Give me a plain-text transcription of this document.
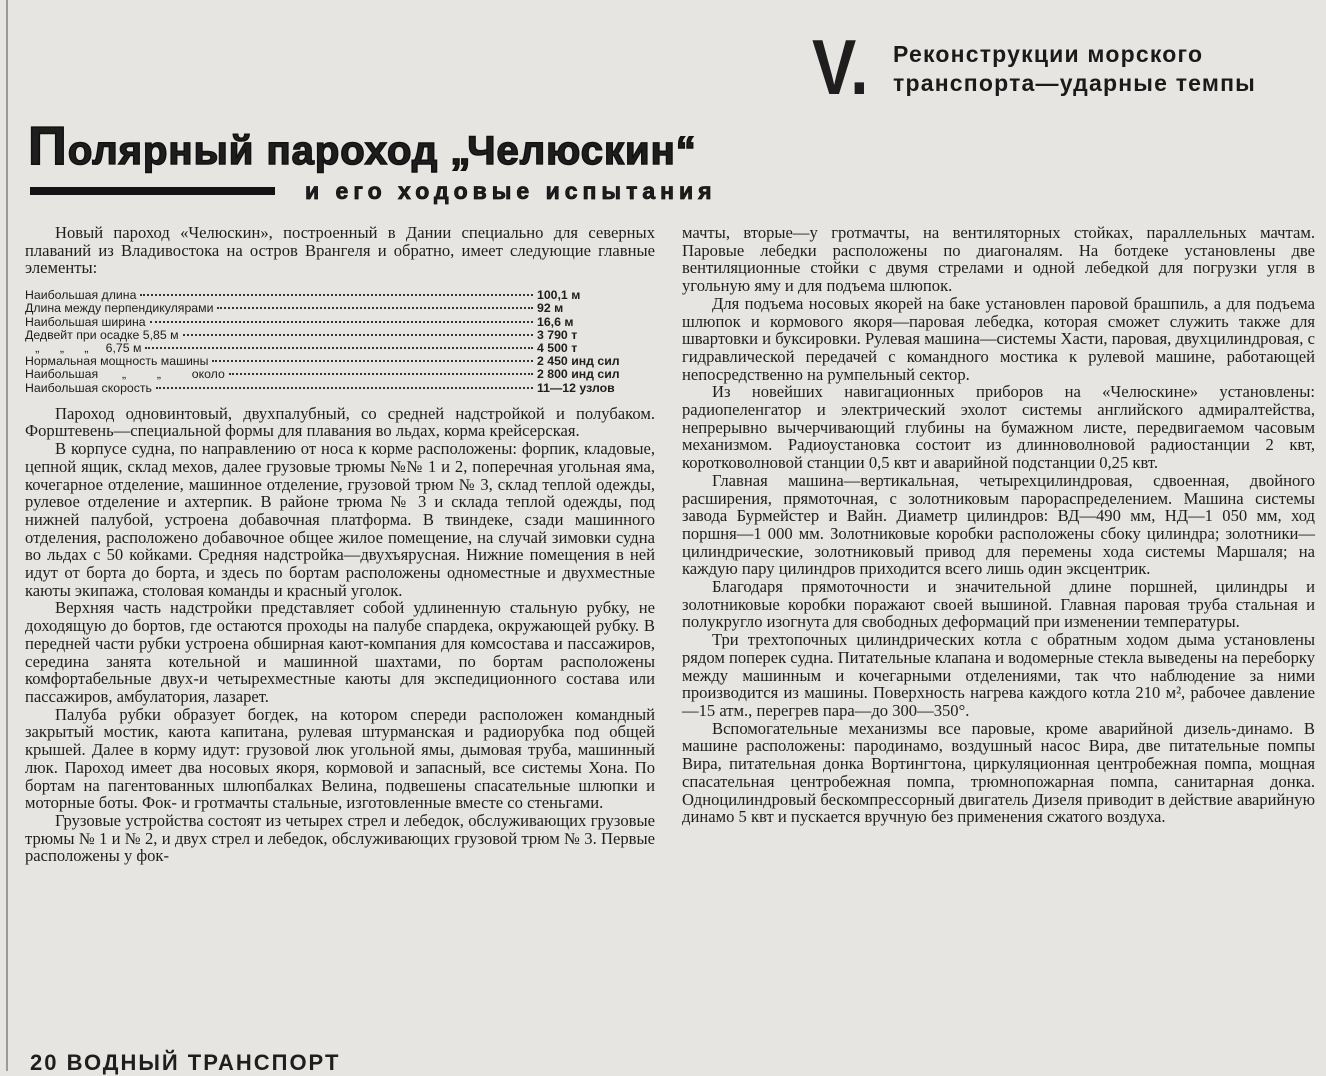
V. Реконструкции морского
транспорта—ударные темпы
Полярный пароход „Челюскин“
и его ходовые испытания

Новый пароход «Челюскин», построенный в Дании специально для северных плаваний из Владивостока на остров Врангеля и обратно, имеет следующие главные элементы:

Наибольшая длина	100,1 м
Длина между перпендикулярами	92 м
Наибольшая ширина	16,6 м
Дедвейт при осадке 5,85 м	3 790 т
„      „      „     6,75 м	4 500 т
Нормальная мощность машины	2 450 инд сил
Наибольшая       „         „         около	2 800 инд сил
Наибольшая скорость	11—12 узлов

Пароход одновинтовый, двухпалубный, со средней надстройкой и полубаком. Форштевень—специальной формы для плавания во льдах, корма крейсерская.

В корпусе судна, по направлению от носа к корме расположены: форпик, кладовые, цепной ящик, склад мехов, далее грузовые трюмы №№ 1 и 2, поперечная угольная яма, кочегарное отделение, машинное отделение, грузовой трюм № 3, склад теплой одежды, рулевое отделение и ахтерпик. В районе трюма № 3 и склада теплой одежды, под нижней палубой, устроена добавочная платформа. В твиндеке, сзади машинного отделения, расположено добавочное общее жилое помещение, на случай зимовки судна во льдах с 50 койками. Средняя надстройка—двухъярусная. Нижние помещения в ней идут от борта до борта, и здесь по бортам расположены одноместные и двухместные каюты экипажа, столовая команды и красный уголок.

Верхняя часть надстройки представляет собой удлиненную стальную рубку, не доходящую до бортов, где остаются проходы на палубе спардека, окружающей рубку. В передней части рубки устроена обширная кают-компания для комсостава и пассажиров, середина занята котельной и машинной шахтами, по бортам расположены комфортабельные двух-и четырехместные каюты для экспедиционного состава или пассажиров, амбулатория, лазарет.

Палуба рубки образует богдек, на котором спереди расположен командный закрытый мостик, каюта капитана, рулевая штурманская и радиорубка под общей крышей. Далее в корму идут: грузовой люк угольной ямы, дымовая труба, машинный люк. Пароход имеет два носовых якоря, кормовой и запасный, все системы Хона. По бортам на пагентованных шлюпбалках Велина, подвешены спасательные шлюпки и моторные боты. Фок- и гротмачты стальные, изготовленные вместе со стеньгами.

Грузовые устройства состоят из четырех стрел и лебедок, обслуживающих грузовые трюмы № 1 и № 2, и двух стрел и лебедок, обслуживающих грузовой трюм № 3. Первые расположены у фок-

мачты, вторые—у гротмачты, на вентиляторных стойках, параллельных мачтам. Паровые лебедки расположены по диагоналям. На ботдеке установлены две вентиляционные стойки с двумя стрелами и одной лебедкой для погрузки угля в угольную яму и для подъема шлюпок.

Для подъема носовых якорей на баке установлен паровой брашпиль, а для подъема шлюпок и кормового якоря—паровая лебедка, которая сможет служить также для швартовки и буксировки. Рулевая машина—системы Хасти, паровая, двухцилиндровая, с гидравлической передачей с командного мостика к рулевой машине, работающей непосредственно на румпельный сектор.

Из новейших навигационных приборов на «Челюскине» установлены: радиопеленгатор и электрический эхолот системы английского адмиралтейства, непрерывно вычерчивающий глубины на бумажном листе, передвигаемом часовым механизмом. Радиоустановка состоит из длинноволновой радиостанции 2 квт, коротковолновой станции 0,5 квт и аварийной подстанции 0,25 квт.

Главная машина—вертикальная, четырехцилиндровая, сдвоенная, двойного расширения, прямоточная, с золотниковым парораспределением. Машина системы завода Бурмейстер и Вайн. Диаметр цилиндров: ВД—490 мм, НД—1 050 мм, ход поршня—1 000 мм. Золотниковые коробки расположены сбоку цилиндра; золотники—цилиндрические, золотниковый привод для перемены хода системы Маршаля; на каждую пару цилиндров приходится всего лишь один эксцентрик.

Благодаря прямоточности и значительной длине поршней, цилиндры и золотниковые коробки поражают своей вышиной. Главная паровая труба стальная и полукругло изогнута для свободных деформаций при изменении температуры.

Три трехтопочных цилиндрических котла с обратным ходом дыма установлены рядом поперек судна. Питательные клапана и водомерные стекла выведены на переборку между машинным и кочегарными отделениями, так что наблюдение за ними производится из машины. Поверхность нагрева каждого котла 210 м², рабочее давление—15 атм., перегрев пара—до 300—350°.

Вспомогательные механизмы все паровые, кроме аварийной дизель-динамо. В машине расположены: пародинамо, воздушный насос Вира, две питательные помпы Вира, питательная донка Вортингтона, циркуляционная центробежная помпа, мощная спасательная центробежная помпа, трюмнопожарная помпа, санитарная донка. Одноцилиндровый бескомпрессорный двигатель Дизеля приводит в действие аварийную динамо 5 квт и пускается вручную без применения сжатого воздуха.

20 ВОДНЫЙ ТРАНСПОРТ
